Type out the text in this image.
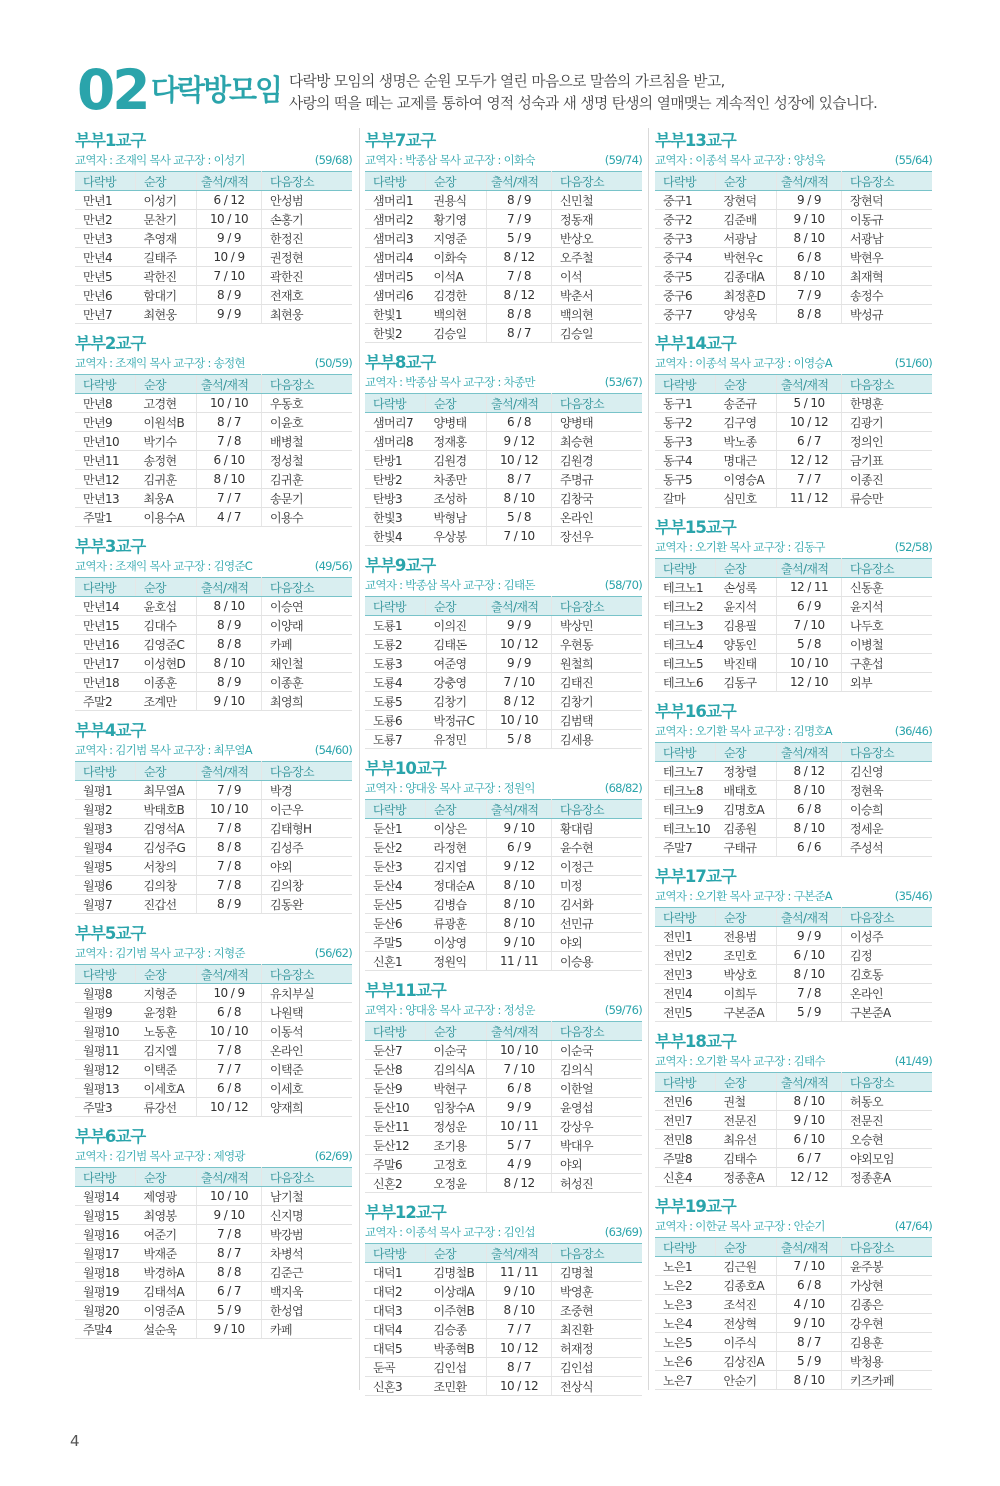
02 다락방모임 다락방 모임의 생명은 순원 모두가 열린 마음으로 말씀의 가르침을 받고,
사랑의 떡을 떼는 교제를 통하여 영적 성숙과 새 생명 탄생의 열매맺는 계속적인 성장에 있습니다.
부부1교구
교역자 : 조재익 목사 교구장 : 이성기	(59/68)
다락방	순장	출석/재적	다음장소
만년1	이성기	6 / 12	안성범
만년2	문찬기	10 / 10	손홍기
만년3	추영재	9 / 9	한정진
만년4	길태주	10 / 9	권정현
만년5	곽한진	7 / 10	곽한진
만년6	함대기	8 / 9	전재호
만년7	최현웅	9 / 9	최현웅
부부2교구
교역자 : 조재익 목사 교구장 : 송정현	(50/59)
다락방	순장	출석/재적	다음장소
만년8	고경현	10 / 10	우동호
만년9	이원석B	8 / 7	이윤호
만년10	박기수	7 / 8	배병철
만년11	송정현	6 / 10	정성철
만년12	김귀훈	8 / 10	김귀훈
만년13	최웅A	7 / 7	송문기
주말1	이용수A	4 / 7	이용수
부부3교구
교역자 : 조재익 목사 교구장 : 김영준C	(49/56)
다락방	순장	출석/재적	다음장소
만년14	윤호섭	8 / 10	이승연
만년15	김대수	8 / 9	이양래
만년16	김영준C	8 / 8	카페
만년17	이성현D	8 / 10	채인철
만년18	이종훈	8 / 9	이종훈
주말2	조계만	9 / 10	최영희
부부4교구
교역자 : 김기범 목사 교구장 : 최무열A	(54/60)
다락방	순장	출석/재적	다음장소
월평1	최무열A	7 / 9	박경
월평2	박태호B	10 / 10	이근우
월평3	김영석A	7 / 8	김태형H
월평4	김성주G	8 / 8	김성주
월평5	서창의	7 / 8	야외
월평6	김의창	7 / 8	김의창
월평7	진갑선	8 / 9	김동완
부부5교구
교역자 : 김기범 목사 교구장 : 지형준	(56/62)
다락방	순장	출석/재적	다음장소
월평8	지형준	10 / 9	유치부실
월평9	윤정환	6 / 8	나원택
월평10	노동훈	10 / 10	이동석
월평11	김지엘	7 / 8	온라인
월평12	이택준	7 / 7	이택준
월평13	이세호A	6 / 8	이세호
주말3	류강선	10 / 12	양재희
부부6교구
교역자 : 김기범 목사 교구장 : 제영광	(62/69)
다락방	순장	출석/재적	다음장소
월평14	제영광	10 / 10	남기철
월평15	최영봉	9 / 10	신지명
월평16	여준기	7 / 8	박강범
월평17	박재준	8 / 7	차병석
월평18	박경하A	8 / 8	김준근
월평19	김태석A	6 / 7	백지욱
월평20	이영준A	5 / 9	한성엽
주말4	설순욱	9 / 10	카페
부부7교구
교역자 : 박종삼 목사 교구장 : 이화숙	(59/74)
다락방	순장	출석/재적	다음장소
샘머리1	권용식	8 / 9	신민철
샘머리2	황기영	7 / 9	정동재
샘머리3	지영준	5 / 9	반상오
샘머리4	이화숙	8 / 12	오주철
샘머리5	이석A	7 / 8	이석
샘머리6	김경한	8 / 12	박춘서
한빛1	백의현	8 / 8	백의현
한빛2	김승일	8 / 7	김승일
부부8교구
교역자 : 박종삼 목사 교구장 : 차종만	(53/67)
다락방	순장	출석/재적	다음장소
샘머리7	양병태	6 / 8	양병태
샘머리8	정재홍	9 / 12	최승현
탄방1	김원경	10 / 12	김원경
탄방2	차종만	8 / 7	주명규
탄방3	조성하	8 / 10	김창국
한빛3	박형남	5 / 8	온라인
한빛4	우상봉	7 / 10	장선우
부부9교구
교역자 : 박종삼 목사 교구장 : 김태돈	(58/70)
다락방	순장	출석/재적	다음장소
도룡1	이의진	9 / 9	박상민
도룡2	김태돈	10 / 12	우현동
도룡3	여준영	9 / 9	원철희
도룡4	강충영	7 / 10	김태진
도룡5	김창기	8 / 12	김창기
도룡6	박정규C	10 / 10	김범택
도룡7	유정민	5 / 8	김세용
부부10교구
교역자 : 양대웅 목사 교구장 : 정원익	(68/82)
다락방	순장	출석/재적	다음장소
둔산1	이상은	9 / 10	황대림
둔산2	라정현	6 / 9	윤수현
둔산3	김지엽	9 / 12	이정근
둔산4	정대순A	8 / 10	미정
둔산5	김병습	8 / 10	김서화
둔산6	류광훈	8 / 10	선민규
주말5	이상영	9 / 10	야외
신혼1	정원익	11 / 11	이승용
부부11교구
교역자 : 양대웅 목사 교구장 : 정성운	(59/76)
다락방	순장	출석/재적	다음장소
둔산7	이순국	10 / 10	이순국
둔산8	김의식A	7 / 10	김의식
둔산9	박현구	6 / 8	이한얼
둔산10	임창수A	9 / 9	윤영섭
둔산11	정성운	10 / 11	강상우
둔산12	조기용	5 / 7	박대우
주말6	고정호	4 / 9	야외
신혼2	오정윤	8 / 12	허성진
부부12교구
교역자 : 이종석 목사 교구장 : 김인섭	(63/69)
다락방	순장	출석/재적	다음장소
대덕1	김명철B	11 / 11	김명철
대덕2	이상래A	9 / 10	박영훈
대덕3	이주현B	8 / 10	조중현
대덕4	김승종	7 / 7	최진환
대덕5	박종혁B	10 / 12	허재정
둔곡	김인섭	8 / 7	김인섭
신혼3	조민환	10 / 12	전상식
부부13교구
교역자 : 이종석 목사 교구장 : 양성욱	(55/64)
다락방	순장	출석/재적	다음장소
중구1	장현덕	9 / 9	장현덕
중구2	김준배	9 / 10	이동규
중구3	서광남	8 / 10	서광남
중구4	박현우c	6 / 8	박현우
중구5	김종대A	8 / 10	최재혁
중구6	최정훈D	7 / 9	송정수
중구7	양성욱	8 / 8	박성규
부부14교구
교역자 : 이종석 목사 교구장 : 이영승A	(51/60)
다락방	순장	출석/재적	다음장소
동구1	송준규	5 / 10	한명훈
동구2	김구영	10 / 12	김광기
동구3	박노종	6 / 7	정의인
동구4	명대근	12 / 12	금기표
동구5	이영승A	7 / 7	이종진
갈마	심민호	11 / 12	류승만
부부15교구
교역자 : 오기환 목사 교구장 : 김동구	(52/58)
다락방	순장	출석/재적	다음장소
테크노1	손성록	12 / 11	신동훈
테크노2	윤지석	6 / 9	윤지석
테크노3	김용필	7 / 10	나두호
테크노4	양동인	5 / 8	이병철
테크노5	박진태	10 / 10	구훈섭
테크노6	김동구	12 / 10	외부
부부16교구
교역자 : 오기환 목사 교구장 : 김명호A	(36/46)
다락방	순장	출석/재적	다음장소
테크노7	정창렬	8 / 12	김신영
테크노8	배태호	8 / 10	정현욱
테크노9	김명호A	6 / 8	이승희
테크노10	김종원	8 / 10	정세운
주말7	구태규	6 / 6	주성석
부부17교구
교역자 : 오기환 목사 교구장 : 구본준A	(35/46)
다락방	순장	출석/재적	다음장소
전민1	전용범	9 / 9	이성주
전민2	조민호	6 / 10	김정
전민3	박상호	8 / 10	김호동
전민4	이희두	7 / 8	온라인
전민5	구본준A	5 / 9	구본준A
부부18교구
교역자 : 오기환 목사 교구장 : 김태수	(41/49)
다락방	순장	출석/재적	다음장소
전민6	권철	8 / 10	허동오
전민7	전문진	9 / 10	전문진
전민8	최유선	6 / 10	오승현
주말8	김태수	6 / 7	야외모임
신혼4	정종훈A	12 / 12	정종훈A
부부19교구
교역자 : 이한균 목사 교구장 : 안순기	(47/64)
다락방	순장	출석/재적	다음장소
노은1	김근원	7 / 10	윤주봉
노은2	김종호A	6 / 8	가상현
노은3	조석진	4 / 10	김종은
노은4	전상혁	9 / 10	강우현
노은5	이주식	8 / 7	김용훈
노은6	김상진A	5 / 9	박청용
노은7	안순기	8 / 10	키즈카페
4
